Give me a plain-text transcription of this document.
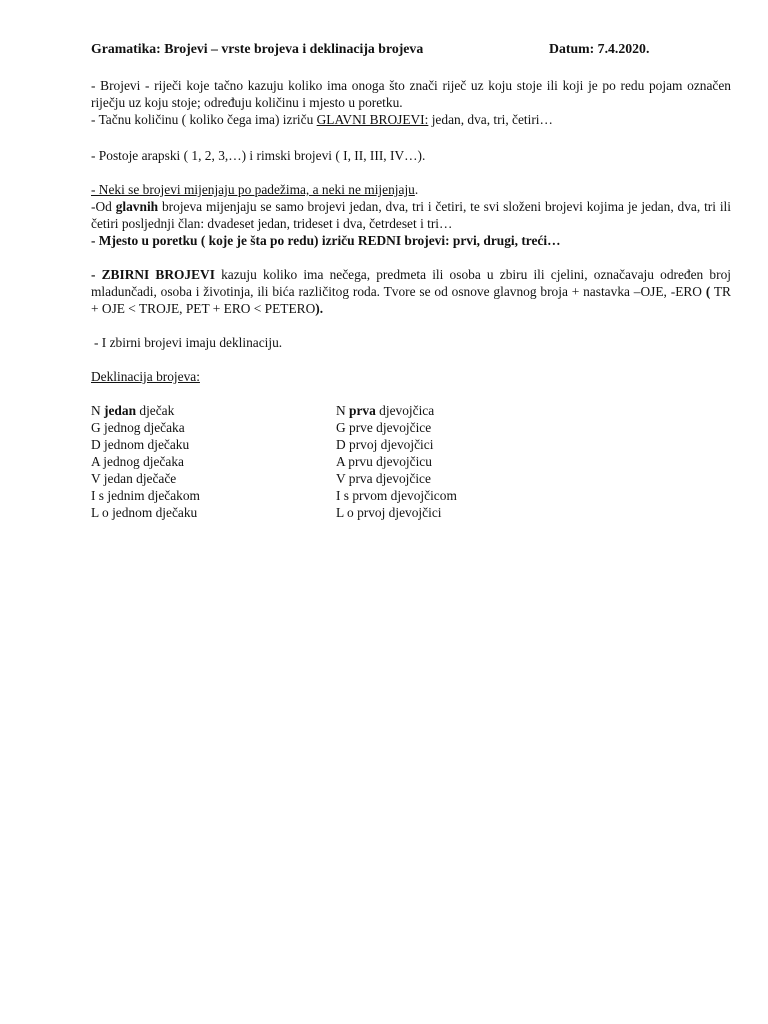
Gramatika: Brojevi – vrste brojeva i deklinacija brojeva	Datum: 7.4.2020.

- Brojevi - riječi koje tačno kazuju koliko ima onoga što znači riječ uz koju stoje ili koji je po redu pojam označen riječju uz koju stoje; određuju količinu i mjesto u poretku.

- Tačnu količinu ( koliko čega ima) izriču GLAVNI BROJEVI: jedan, dva, tri, četiri…

- Postoje arapski ( 1, 2, 3,…) i rimski brojevi ( I, II, III, IV…).

- Neki se brojevi mijenjaju po padežima, a neki ne mijenjaju.

-Od glavnih brojeva mijenjaju se samo brojevi jedan, dva, tri i četiri, te svi složeni brojevi kojima je jedan, dva, tri ili četiri posljednji član: dvadeset jedan, trideset i dva, četrdeset i tri…

- Mjesto u poretku ( koje je šta po redu) izriču REDNI brojevi: prvi, drugi, treći…

- ZBIRNI BROJEVI kazuju koliko ima nečega, predmeta ili osoba u zbiru ili cjelini, označavaju određen broj mladunčadi, osoba i životinja, ili bića različitog roda. Tvore se od osnove glavnog broja + nastavka –OJE, -ERO ( TR + OJE < TROJE, PET + ERO < PETERO).

- I zbirni brojevi imaju deklinaciju.

Deklinacija brojeva:

N jedan dječak
G jednog dječaka
D jednom dječaku
A jednog dječaka
V jedan dječače
I s jednim dječakom
L o jednom dječaku
N prva djevojčica
G prve djevojčice
D prvoj djevojčici
A prvu djevojčicu
V prva djevojčice
I s prvom djevojčicom
L o prvoj djevojčici
